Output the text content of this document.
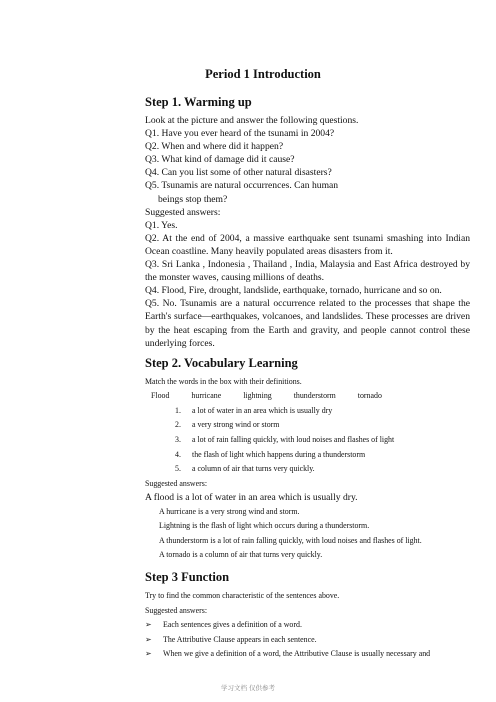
Period 1 Introduction
Step 1. Warming up

Look at the picture and answer the following questions.

Q1. Have you ever heard of the tsunami in 2004?

Q2. When and where did it happen?

Q3. What kind of damage did it cause?

Q4. Can you list some of other natural disasters?

Q5. Tsunamis are natural occurrences. Can human

beings stop them?

Suggested answers:

Q1. Yes.

Q2. At the end of 2004, a massive earthquake sent tsunami smashing into Indian Ocean coastline. Many heavily populated areas disasters from it.

Q3. Sri Lanka , Indonesia , Thailand , India, Malaysia and East Africa destroyed by the monster waves, causing millions of deaths.

Q4. Flood, Fire, drought, landslide, earthquake, tornado, hurricane and so on.

Q5. No. Tsunamis are a natural occurrence related to the processes that shape the Earth's surface—earthquakes, volcanoes, and landslides. These processes are driven by the heat escaping from the Earth and gravity, and people cannot control these underlying forces.

Step 2. Vocabulary Learning

Match the words in the box with their definitions.

Flood	hurricane	lightning	thunderstorm	tornado
1.	a lot of water in an area which is usually dry
2.	a very strong wind or storm
3.	a lot of rain falling quickly, with loud noises and flashes of light
4.	the flash of light which happens during a thunderstorm
5.	a column of air that turns very quickly.

Suggested answers:

A flood is a lot of water in an area which is usually dry.

A hurricane is a very strong wind and storm.

Lightning is the flash of light which occurs during a thunderstorm.

A thunderstorm is a lot of rain falling quickly, with loud noises and flashes of light.

A tornado is a column of air that turns very quickly.

Step 3 Function

Try to find the common characteristic of the sentences above.

Suggested answers:

➢	Each sentences gives a definition of a word.
➢	The Attributive Clause appears in each sentence.
➢	When we give a definition of a word, the Attributive Clause is usually necessary and
学习文档 仅供参考
